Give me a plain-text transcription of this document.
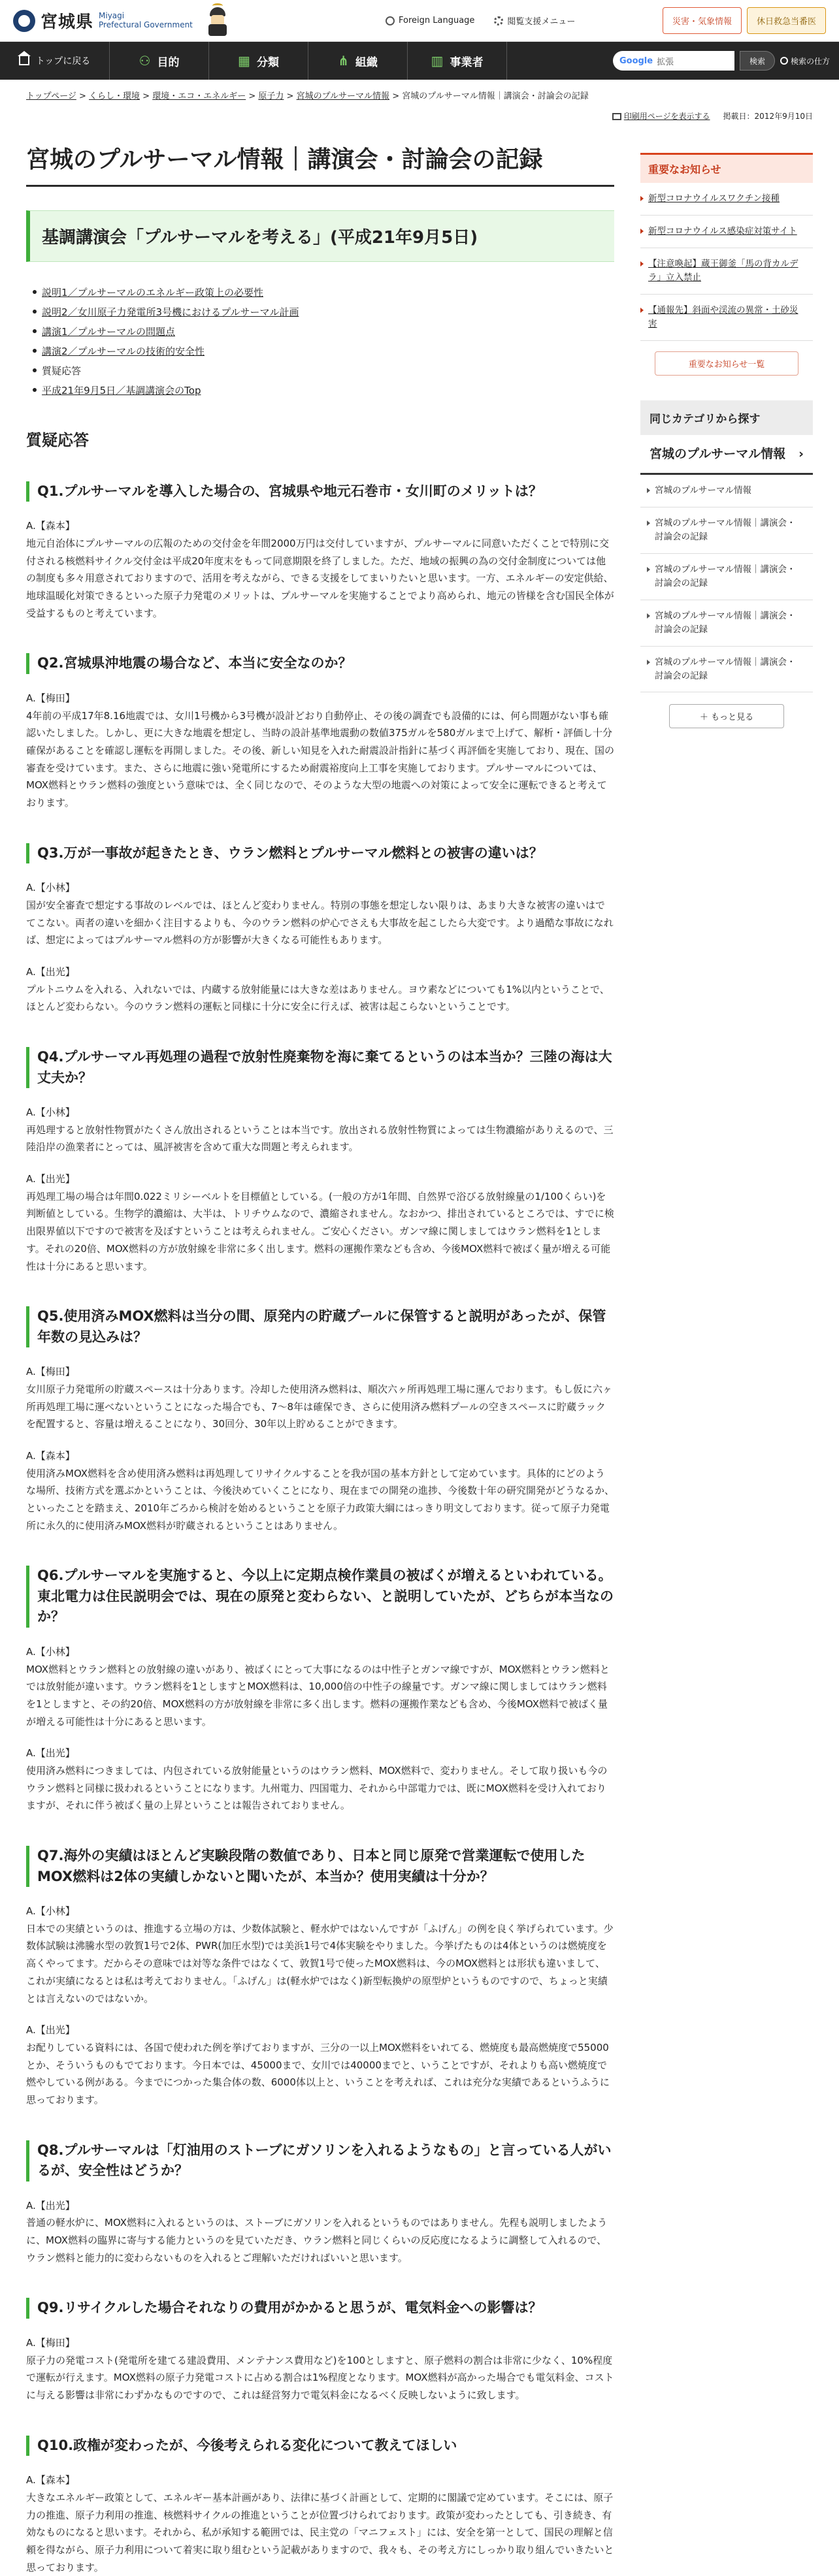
宮城県 Miyagi
Prefectural Government	Foreign Language	閲覧支援メニュー	災害・気象情報	休日救急当番医
トップに戻る	⚇ 目的	▦ 分類	⋔ 組織	▥ 事業者	Google 拡張	検索	検索の仕方
トップページ > くらし・環境 > 環境・エコ・エネルギー > 原子力 > 宮城のプルサーマル情報 > 宮城のプルサーマル情報｜講演会・討論会の記録
印刷用ページを表示する 掲載日：2012年9月10日
宮城のプルサーマル情報｜講演会・討論会の記録
基調講演会「プルサーマルを考える」(平成21年9月5日)
説明1／プルサーマルのエネルギー政策上の必要性
説明2／女川原子力発電所3号機におけるプルサーマル計画
講演1／プルサーマルの問題点
講演2／プルサーマルの技術的安全性
質疑応答
平成21年9月5日／基調講演会のTop
質疑応答
Q1.プルサーマルを導入した場合の、宮城県や地元石巻市・女川町のメリットは？
A.【森本】
地元自治体にプルサーマルの広報のための交付金を年間2000万円は交付していますが、プルサーマルに同意いただくことで特別に交付される核燃料サイクル交付金は平成20年度末をもって同意期限を終了しました。ただ、地域の振興の為の交付金制度については他の制度も多々用意されておりますので、活用を考えながら、できる支援をしてまいりたいと思います。一方、エネルギーの安定供給、地球温暖化対策できるといった原子力発電のメリットは、プルサーマルを実施することでより高められ、地元の皆様を含む国民全体が受益するものと考えています。
Q2.宮城県沖地震の場合など、本当に安全なのか？
A.【梅田】
4年前の平成17年8.16地震では、女川1号機から3号機が設計どおり自動停止、その後の調査でも設備的には、何ら問題がない事も確認いたしました。しかし、更に大きな地震を想定し、当時の設計基準地震動の数値375ガルを580ガルまで上げて、解析・評価し十分確保があることを確認し運転を再開しました。その後、新しい知見を入れた耐震設計指針に基づく再評価を実施しており、現在、国の審査を受けています。また、さらに地震に強い発電所にするため耐震裕度向上工事を実施しております。プルサーマルについては、MOX燃料とウラン燃料の強度という意味では、全く同じなので、そのような大型の地震への対策によって安全に運転できると考えております。
Q3.万が一事故が起きたとき、ウラン燃料とプルサーマル燃料との被害の違いは？
A.【小林】
国が安全審査で想定する事故のレベルでは、ほとんど変わりません。特別の事態を想定しない限りは、あまり大きな被害の違いはでてこない。両者の違いを細かく注目するよりも、今のウラン燃料の炉心でさえも大事故を起こしたら大変です。より過酷な事故になれば、想定によってはプルサーマル燃料の方が影響が大きくなる可能性もあります。
A.【出光】
プルトニウムを入れる、入れないでは、内蔵する放射能量には大きな差はありません。ヨウ素などについても1%以内ということで、ほとんど変わらない。今のウラン燃料の運転と同様に十分に安全に行えば、被害は起こらないということです。
Q4.プルサーマル再処理の過程で放射性廃棄物を海に棄てるというのは本当か？三陸の海は大丈夫か？
A.【小林】
再処理すると放射性物質がたくさん放出されるということは本当です。放出される放射性物質によっては生物濃縮がありえるので、三陸沿岸の漁業者にとっては、風評被害を含めて重大な問題と考えられます。
A.【出光】
再処理工場の場合は年間0.022ミリシーベルトを目標値としている。(一般の方が1年間、自然界で浴びる放射線量の1/100くらい)を判断値としている。生物学的濃縮は、大半は、トリチウムなので、濃縮されません。なおかつ、排出されているところでは、すでに検出限界値以下ですので被害を及ぼすということは考えられません。ご安心ください。ガンマ線に関しましてはウラン燃料を1とします。それの20倍、MOX燃料の方が放射線を非常に多く出します。燃料の運搬作業なども含め、今後MOX燃料で被ばく量が増える可能性は十分にあると思います。
Q5.使用済みMOX燃料は当分の間、原発内の貯蔵プールに保管すると説明があったが、保管年数の見込みは？
A.【梅田】
女川原子力発電所の貯蔵スペースは十分あります。冷却した使用済み燃料は、順次六ヶ所再処理工場に運んでおります。もし仮に六ヶ所再処理工場に運べないということになった場合でも、7～8年は確保でき、さらに使用済み燃料プールの空きスペースに貯蔵ラックを配置すると、容量は増えることになり、30回分、30年以上貯めることができます。
A.【森本】
使用済みMOX燃料を含め使用済み燃料は再処理してリサイクルすることを我が国の基本方針として定めています。具体的にどのような場所、技術方式を選ぶかということは、今後決めていくことになり、現在までの開発の進捗、今後数十年の研究開発がどうなるか、といったことを踏まえ、2010年ごろから検討を始めるということを原子力政策大綱にはっきり明文しております。従って原子力発電所に永久的に使用済みMOX燃料が貯蔵されるということはありません。
Q6.プルサーマルを実施すると、今以上に定期点検作業員の被ばくが増えるといわれている。東北電力は住民説明会では、現在の原発と変わらない、と説明していたが、どちらが本当なのか？
A.【小林】
MOX燃料とウラン燃料との放射線の違いがあり、被ばくにとって大事になるのは中性子とガンマ線ですが、MOX燃料とウラン燃料とでは放射能が違います。ウラン燃料を1としますとMOX燃料は、10,000倍の中性子の線量です。ガンマ線に関しましてはウラン燃料を1としますと、その約20倍、MOX燃料の方が放射線を非常に多く出します。燃料の運搬作業なども含め、今後MOX燃料で被ばく量が増える可能性は十分にあると思います。
A.【出光】
使用済み燃料につきましては、内包されている放射能量というのはウラン燃料、MOX燃料で、変わりません。そして取り扱いも今のウラン燃料と同様に扱われるということになります。九州電力、四国電力、それから中部電力では、既にMOX燃料を受け入れておりますが、それに伴う被ばく量の上昇ということは報告されておりません。
Q7.海外の実績はほとんど実験段階の数値であり、日本と同じ原発で営業運転で使用したMOX燃料は2体の実績しかないと聞いたが、本当か？使用実績は十分か？
A.【小林】
日本での実績というのは、推進する立場の方は、少数体試験と、軽水炉ではないんですが「ふげん」の例を良く挙げられています。少数体試験は沸騰水型の敦賀1号で2体、PWR(加圧水型)では美浜1号で4体実験をやりました。今挙げたものは4体というのは燃焼度を高くやってます。だからその意味では対等な条件ではなくて、敦賀1号で使ったMOX燃料は、今のMOX燃料とは形状も違いまして、これが実績になるとは私は考えておりません。「ふげん」は(軽水炉ではなく)新型転換炉の原型炉というものですので、ちょっと実績とは言えないのではないか。
A.【出光】
お配りしている資料には、各国で使われた例を挙げておりますが、三分の一以上MOX燃料をいれてる、燃焼度も最高燃焼度で55000とか、そういうものもでております。今日本では、45000まで、女川では40000までと、いうことですが、それよりも高い燃焼度で燃やしている例がある。今までにつかった集合体の数、6000体以上と、いうことを考えれば、これは充分な実績であるというふうに思っております。
Q8.プルサーマルは「灯油用のストーブにガソリンを入れるようなもの」と言っている人がいるが、安全性はどうか？
A.【出光】
普通の軽水炉に、MOX燃料に入れるというのは、ストーブにガソリンを入れるというものではありません。先程も説明しましたように、MOX燃料の臨界に寄与する能力というのを見ていただき、ウラン燃料と同じくらいの反応度になるように調整して入れるので、ウラン燃料と能力的に変わらないものを入れるとご理解いただければいいと思います。
Q9.リサイクルした場合それなりの費用がかかると思うが、電気料金への影響は？
A.【梅田】
原子力の発電コスト(発電所を建てる建設費用、メンテナンス費用など)を100としますと、原子燃料の割合は非常に少なく、10%程度で運転が行えます。MOX燃料の原子力発電コストに占める割合は1%程度となります。MOX燃料が高かった場合でも電気料金、コストに与える影響は非常にわずかなものですので、これは経営努力で電気料金になるべく反映しないように致します。
Q10.政権が変わったが、今後考えられる変化について教えてほしい
A.【森本】
大きなエネルギー政策として、エネルギー基本計画があり、法律に基づく計画として、定期的に閣議で定めています。そこには、原子力の推進、原子力利用の推進、核燃料サイクルの推進ということが位置づけられております。政策が変わったとしても、引き続き、有効なものになると思います。それから、私が承知する範囲では、民主党の「マニフェスト」には、安全を第一として、国民の理解と信頼を得ながら、原子力利用について着実に取り組むという記載がありますので、我々も、その考え方にしっかり取り組んでいきたいと思っております。
重要なお知らせ
新型コロナウイルスワクチン接種
新型コロナウイルス感染症対策サイト
【注意喚起】蔵王御釜「馬の背カルデラ」立入禁止
【通報先】斜面や渓流の異常・土砂災害
重要なお知らせ一覧
同じカテゴリから探す
宮城のプルサーマル情報 ›
宮城のプルサーマル情報
宮城のプルサーマル情報｜講演会・討論会の記録
宮城のプルサーマル情報｜講演会・討論会の記録
宮城のプルサーマル情報｜講演会・討論会の記録
宮城のプルサーマル情報｜講演会・討論会の記録
＋ もっと見る
